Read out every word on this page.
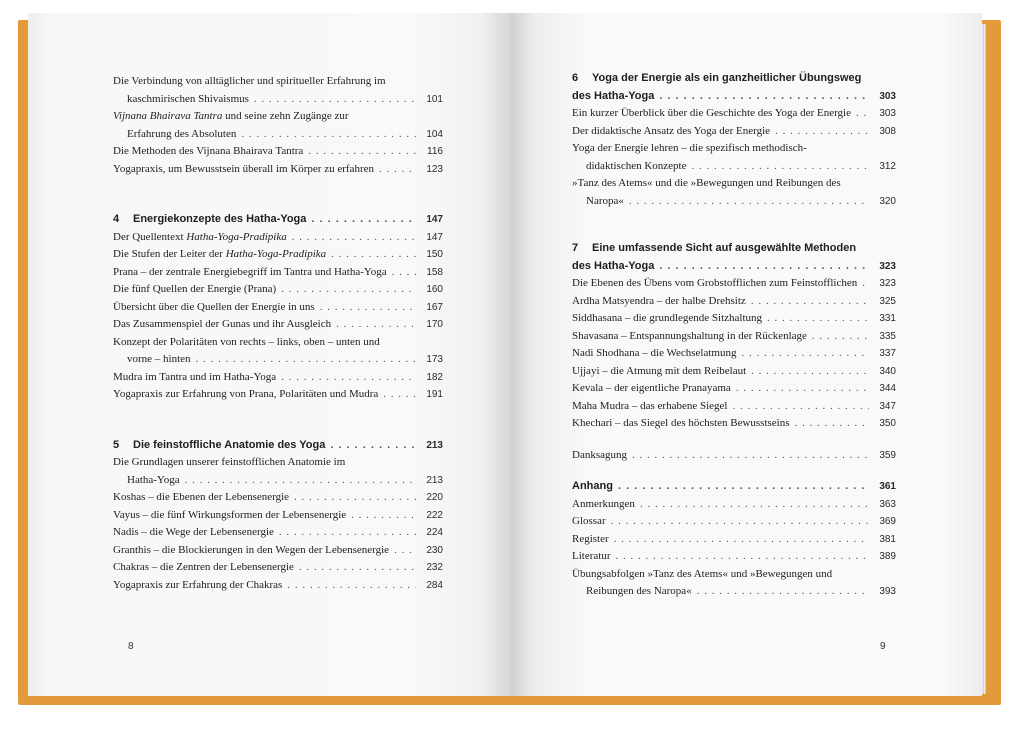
Die Verbindung von alltäglicher und spiritueller Erfahrung im
kaschmirischen Shivaismus . . .	101
Vijnana Bhairava Tantra und seine zehn Zugänge zur
Erfahrung des Absoluten . . .	104
Die Methoden des Vijnana Bhairava Tantra . . .	116
Yogapraxis, um Bewusstsein überall im Körper zu erfahren . . .	123
4 Energiekonzepte des Hatha-Yoga . . .	147
Der Quellentext Hatha-Yoga-Pradipika . . .	147
Die Stufen der Leiter der Hatha-Yoga-Pradipika . . .	150
Prana – der zentrale Energiebegriff im Tantra und Hatha-Yoga . . .	158
Die fünf Quellen der Energie (Prana) . . .	160
Übersicht über die Quellen der Energie in uns . . .	167
Das Zusammenspiel der Gunas und ihr Ausgleich . . .	170
Konzept der Polaritäten von rechts – links, oben – unten und
vorne – hinten . . .	173
Mudra im Tantra und im Hatha-Yoga . . .	182
Yogapraxis zur Erfahrung von Prana, Polaritäten und Mudra . . .	191
5 Die feinstoffliche Anatomie des Yoga . . .	213
Die Grundlagen unserer feinstofflichen Anatomie im
Hatha-Yoga . . .	213
Koshas – die Ebenen der Lebensenergie . . .	220
Vayus – die fünf Wirkungsformen der Lebensenergie . . .	222
Nadis – die Wege der Lebensenergie . . .	224
Granthis – die Blockierungen in den Wegen der Lebensenergie . . .	230
Chakras – die Zentren der Lebensenergie . . .	232
Yogapraxis zur Erfahrung der Chakras . . .	284
8
6 Yoga der Energie als ein ganzheitlicher Übungsweg
des Hatha-Yoga . . .	303
Ein kurzer Überblick über die Geschichte des Yoga der Energie . . .	303
Der didaktische Ansatz des Yoga der Energie . . .	308
Yoga der Energie lehren – die spezifisch methodisch-
didaktischen Konzepte . . .	312
»Tanz des Atems« und die »Bewegungen und Reibungen des
Naropa« . . .	320
7 Eine umfassende Sicht auf ausgewählte Methoden
des Hatha-Yoga . . .	323
Die Ebenen des Übens vom Grobstofflichen zum Feinstofflichen . . .	323
Ardha Matsyendra – der halbe Drehsitz . . .	325
Siddhasana – die grundlegende Sitzhaltung . . .	331
Shavasana – Entspannungshaltung in der Rückenlage . . .	335
Nadi Shodhana – die Wechselatmung . . .	337
Ujjayi – die Atmung mit dem Reibelaut . . .	340
Kevala – der eigentliche Pranayama . . .	344
Maha Mudra – das erhabene Siegel . . .	347
Khechari – das Siegel des höchsten Bewusstseins . . .	350
Danksagung . . .	359
Anhang . . .	361
Anmerkungen . . .	363
Glossar . . .	369
Register . . .	381
Literatur . . .	389
Übungsabfolgen »Tanz des Atems« und »Bewegungen und
Reibungen des Naropa« . . .	393
9
